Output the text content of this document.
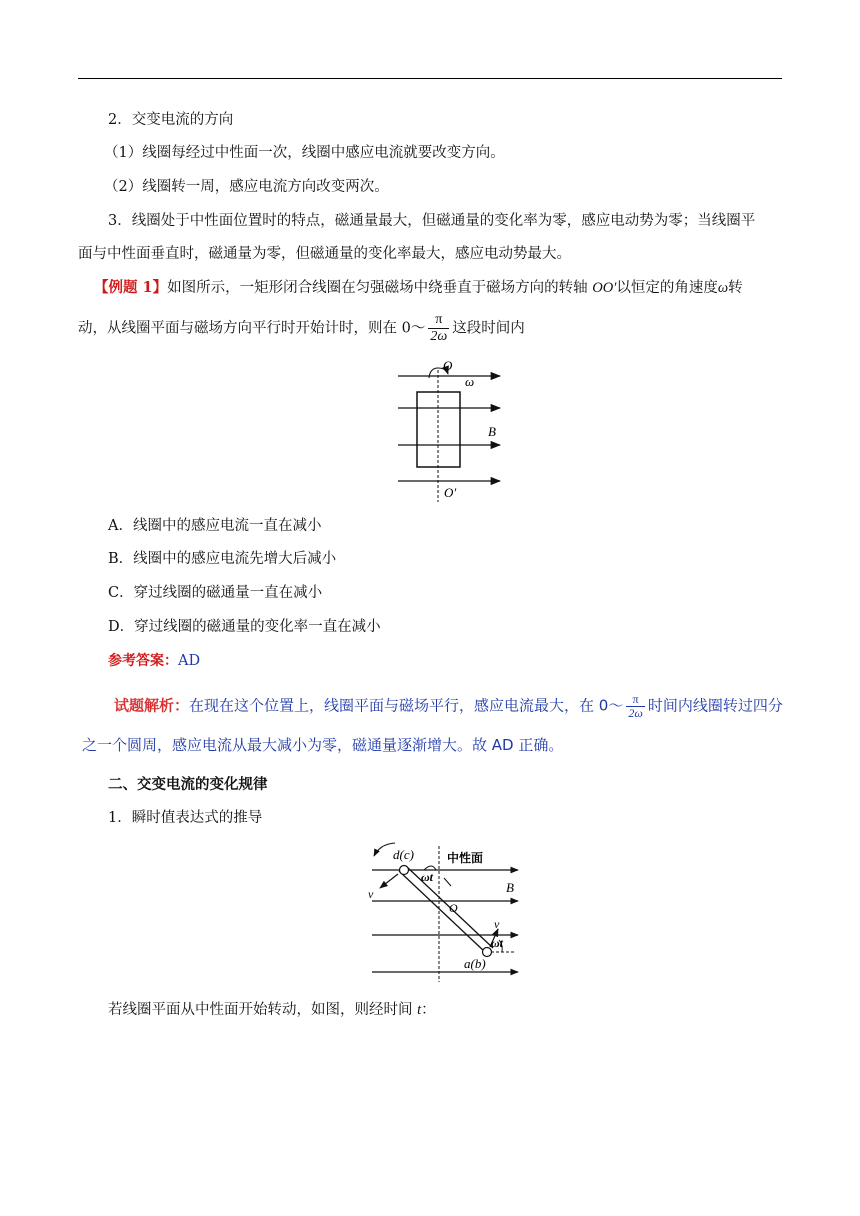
2．交变电流的方向
（1）线圈每经过中性面一次，线圈中感应电流就要改变方向。
（2）线圈转一周，感应电流方向改变两次。
3．线圈处于中性面位置时的特点，磁通量最大，但磁通量的变化率为零，感应电动势为零；当线圈平
面与中性面垂直时，磁通量为零，但磁通量的变化率最大，感应电动势最大。
【例题 1】如图所示，一矩形闭合线圈在匀强磁场中绕垂直于磁场方向的转轴 OO′以恒定的角速度ω转
动，从线圈平面与磁场方向平行时开始计时，则在 0～ $\frac{\pi}{2\omega}$ 这段时间内
O
ω
B
O′
A．线圈中的感应电流一直在减小
B．线圈中的感应电流先增大后减小
C．穿过线圈的磁通量一直在减小
D．穿过线圈的磁通量的变化率一直在减小
参考答案：AD
试题解析：在现在这个位置上，线圈平面与磁场平行，感应电流最大，在 0～ $\frac{\pi}{2\omega}$ 时间内线圈转过四分
之一个圆周，感应电流从最大减小为零，磁通量逐渐增大。故 AD 正确。
二、交变电流的变化规律
1．瞬时值表达式的推导
d(c)	中性面
ωt
v	B
O
v
ωt
a(b)
若线圈平面从中性面开始转动，如图，则经时间 t：
